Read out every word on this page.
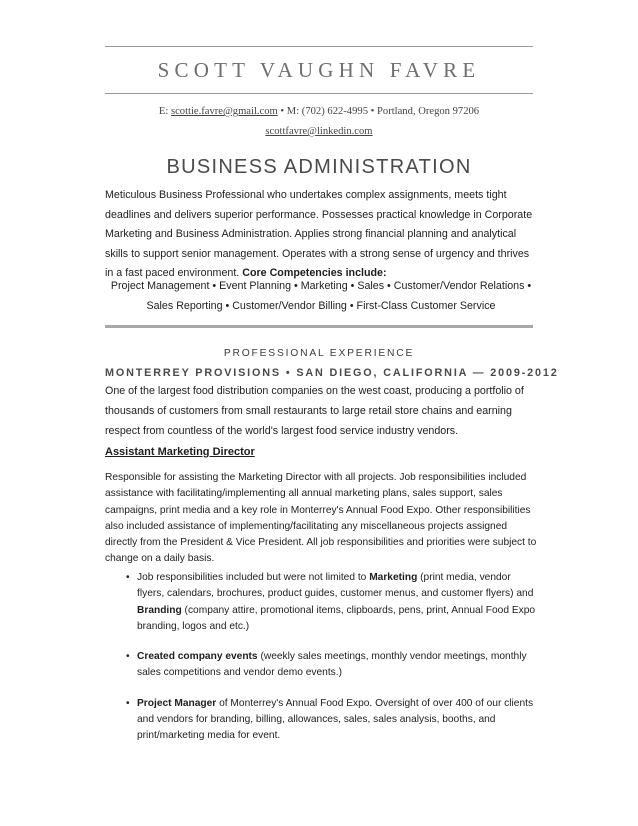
SCOTT VAUGHN FAVRE
E: scottie.favre@gmail.com • M: (702) 622-4995 • Portland, Oregon 97206
scottfavre@linkedin.com
BUSINESS ADMINISTRATION
Meticulous Business Professional who undertakes complex assignments, meets tight deadlines and delivers superior performance. Possesses practical knowledge in Corporate Marketing and Business Administration. Applies strong financial planning and analytical skills to support senior management. Operates with a strong sense of urgency and thrives in a fast paced environment. Core Competencies include:
Project Management • Event Planning • Marketing • Sales • Customer/Vendor Relations • Sales Reporting • Customer/Vendor Billing • First-Class Customer Service
PROFESSIONAL EXPERIENCE
MONTERREY PROVISIONS • SAN DIEGO, CALIFORNIA — 2009-2012
One of the largest food distribution companies on the west coast, producing a portfolio of thousands of customers from small restaurants to large retail store chains and earning respect from countless of the world's largest food service industry vendors.
Assistant Marketing Director
Responsible for assisting the Marketing Director with all projects. Job responsibilities included assistance with facilitating/implementing all annual marketing plans, sales support, sales campaigns, print media and a key role in Monterrey's Annual Food Expo. Other responsibilities also included assistance of implementing/facilitating any miscellaneous projects assigned directly from the President & Vice President. All job responsibilities and priorities were subject to change on a daily basis.
• Job responsibilities included but were not limited to Marketing (print media, vendor flyers, calendars, brochures, product guides, customer menus, and customer flyers) and Branding (company attire, promotional items, clipboards, pens, print, Annual Food Expo branding, logos and etc.)
• Created company events (weekly sales meetings, monthly vendor meetings, monthly sales competitions and vendor demo events.)
• Project Manager of Monterrey's Annual Food Expo. Oversight of over 400 of our clients and vendors for branding, billing, allowances, sales, sales analysis, booths, and print/marketing media for event.
